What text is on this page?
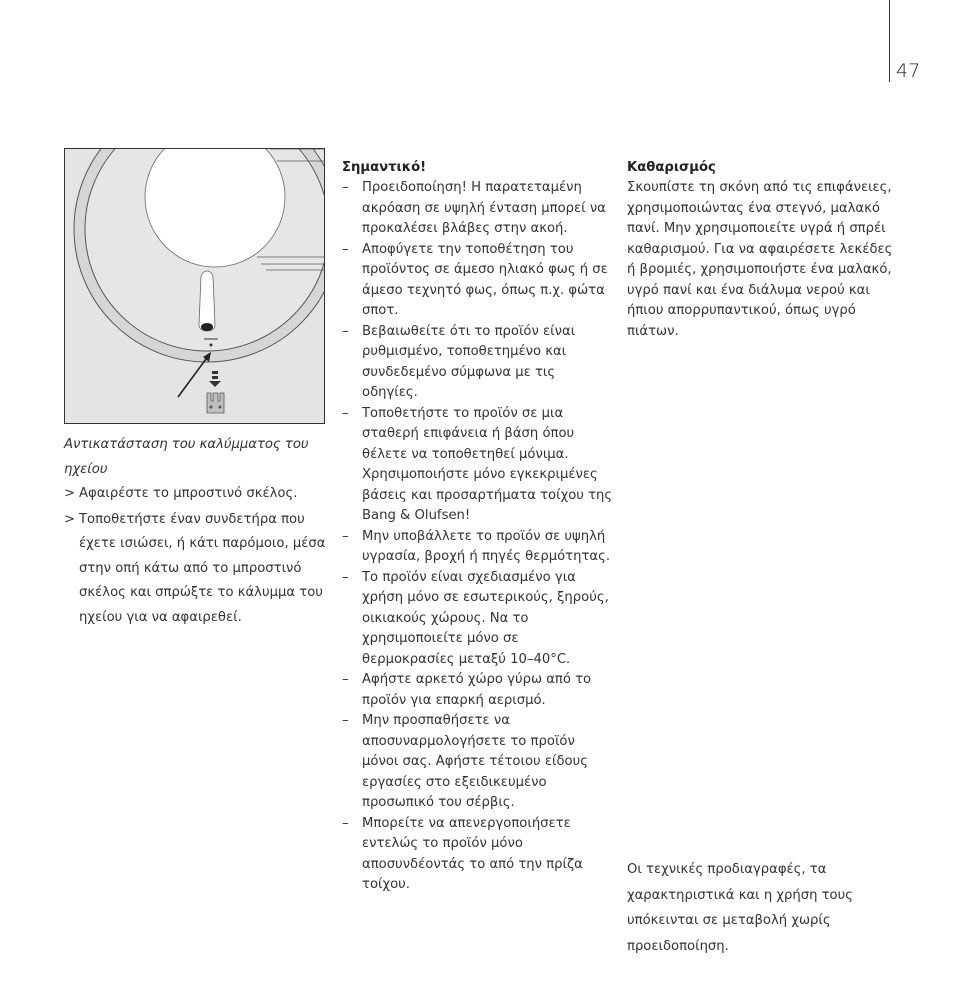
47
Αντικατάσταση του καλύμματος του ηχείου
> Αφαιρέστε το μπροστινό σκέλος.
> Τοποθετήστε έναν συνδετήρα που έχετε ισιώσει, ή κάτι παρόμοιο, μέσα στην οπή κάτω από το μπροστινό σκέλος και σπρώξτε το κάλυμμα του ηχείου για να αφαιρεθεί.

Σημαντικό!

– Προειδοποίηση! Η παρατεταμένη ακρόαση σε υψηλή ένταση μπορεί να προκαλέσει βλάβες στην ακοή.
– Αποφύγετε την τοποθέτηση του προϊόντος σε άμεσο ηλιακό φως ή σε άμεσο τεχνητό φως, όπως π.χ. φώτα σποτ.
– Βεβαιωθείτε ότι το προϊόν είναι ρυθμισμένο, τοποθετημένο και συνδεδεμένο σύμφωνα με τις οδηγίες.
– Τοποθετήστε το προϊόν σε μια σταθερή επιφάνεια ή βάση όπου θέλετε να τοποθετηθεί μόνιμα. Χρησιμοποιήστε μόνο εγκεκριμένες βάσεις και προσαρτήματα τοίχου της Bang & Olufsen!
– Μην υποβάλλετε το προϊόν σε υψηλή υγρασία, βροχή ή πηγές θερμότητας.
– Το προϊόν είναι σχεδιασμένο για χρήση μόνο σε εσωτερικούς, ξηρούς, οικιακούς χώρους. Να το χρησιμοποιείτε μόνο σε θερμοκρασίες μεταξύ 10–40°C.
– Αφήστε αρκετό χώρο γύρω από το προϊόν για επαρκή αερισμό.
– Μην προσπαθήσετε να αποσυναρμολογήσετε το προϊόν μόνοι σας. Αφήστε τέτοιου είδους εργασίες στο εξειδικευμένο προσωπικό του σέρβις.
– Μπορείτε να απενεργοποιήσετε εντελώς το προϊόν μόνο αποσυνδέοντάς το από την πρίζα τοίχου.

Καθαρισμός

Σκουπίστε τη σκόνη από τις επιφάνειες, χρησιμοποιώντας ένα στεγνό, μαλακό πανί. Μην χρησιμοποιείτε υγρά ή σπρέι καθαρισμού. Για να αφαιρέσετε λεκέδες ή βρομιές, χρησιμοποιήστε ένα μαλακό, υγρό πανί και ένα διάλυμα νερού και ήπιου απορρυπαντικού, όπως υγρό πιάτων.

Οι τεχνικές προδιαγραφές, τα χαρακτηριστικά και η χρήση τους υπόκεινται σε μεταβολή χωρίς προειδοποίηση.
